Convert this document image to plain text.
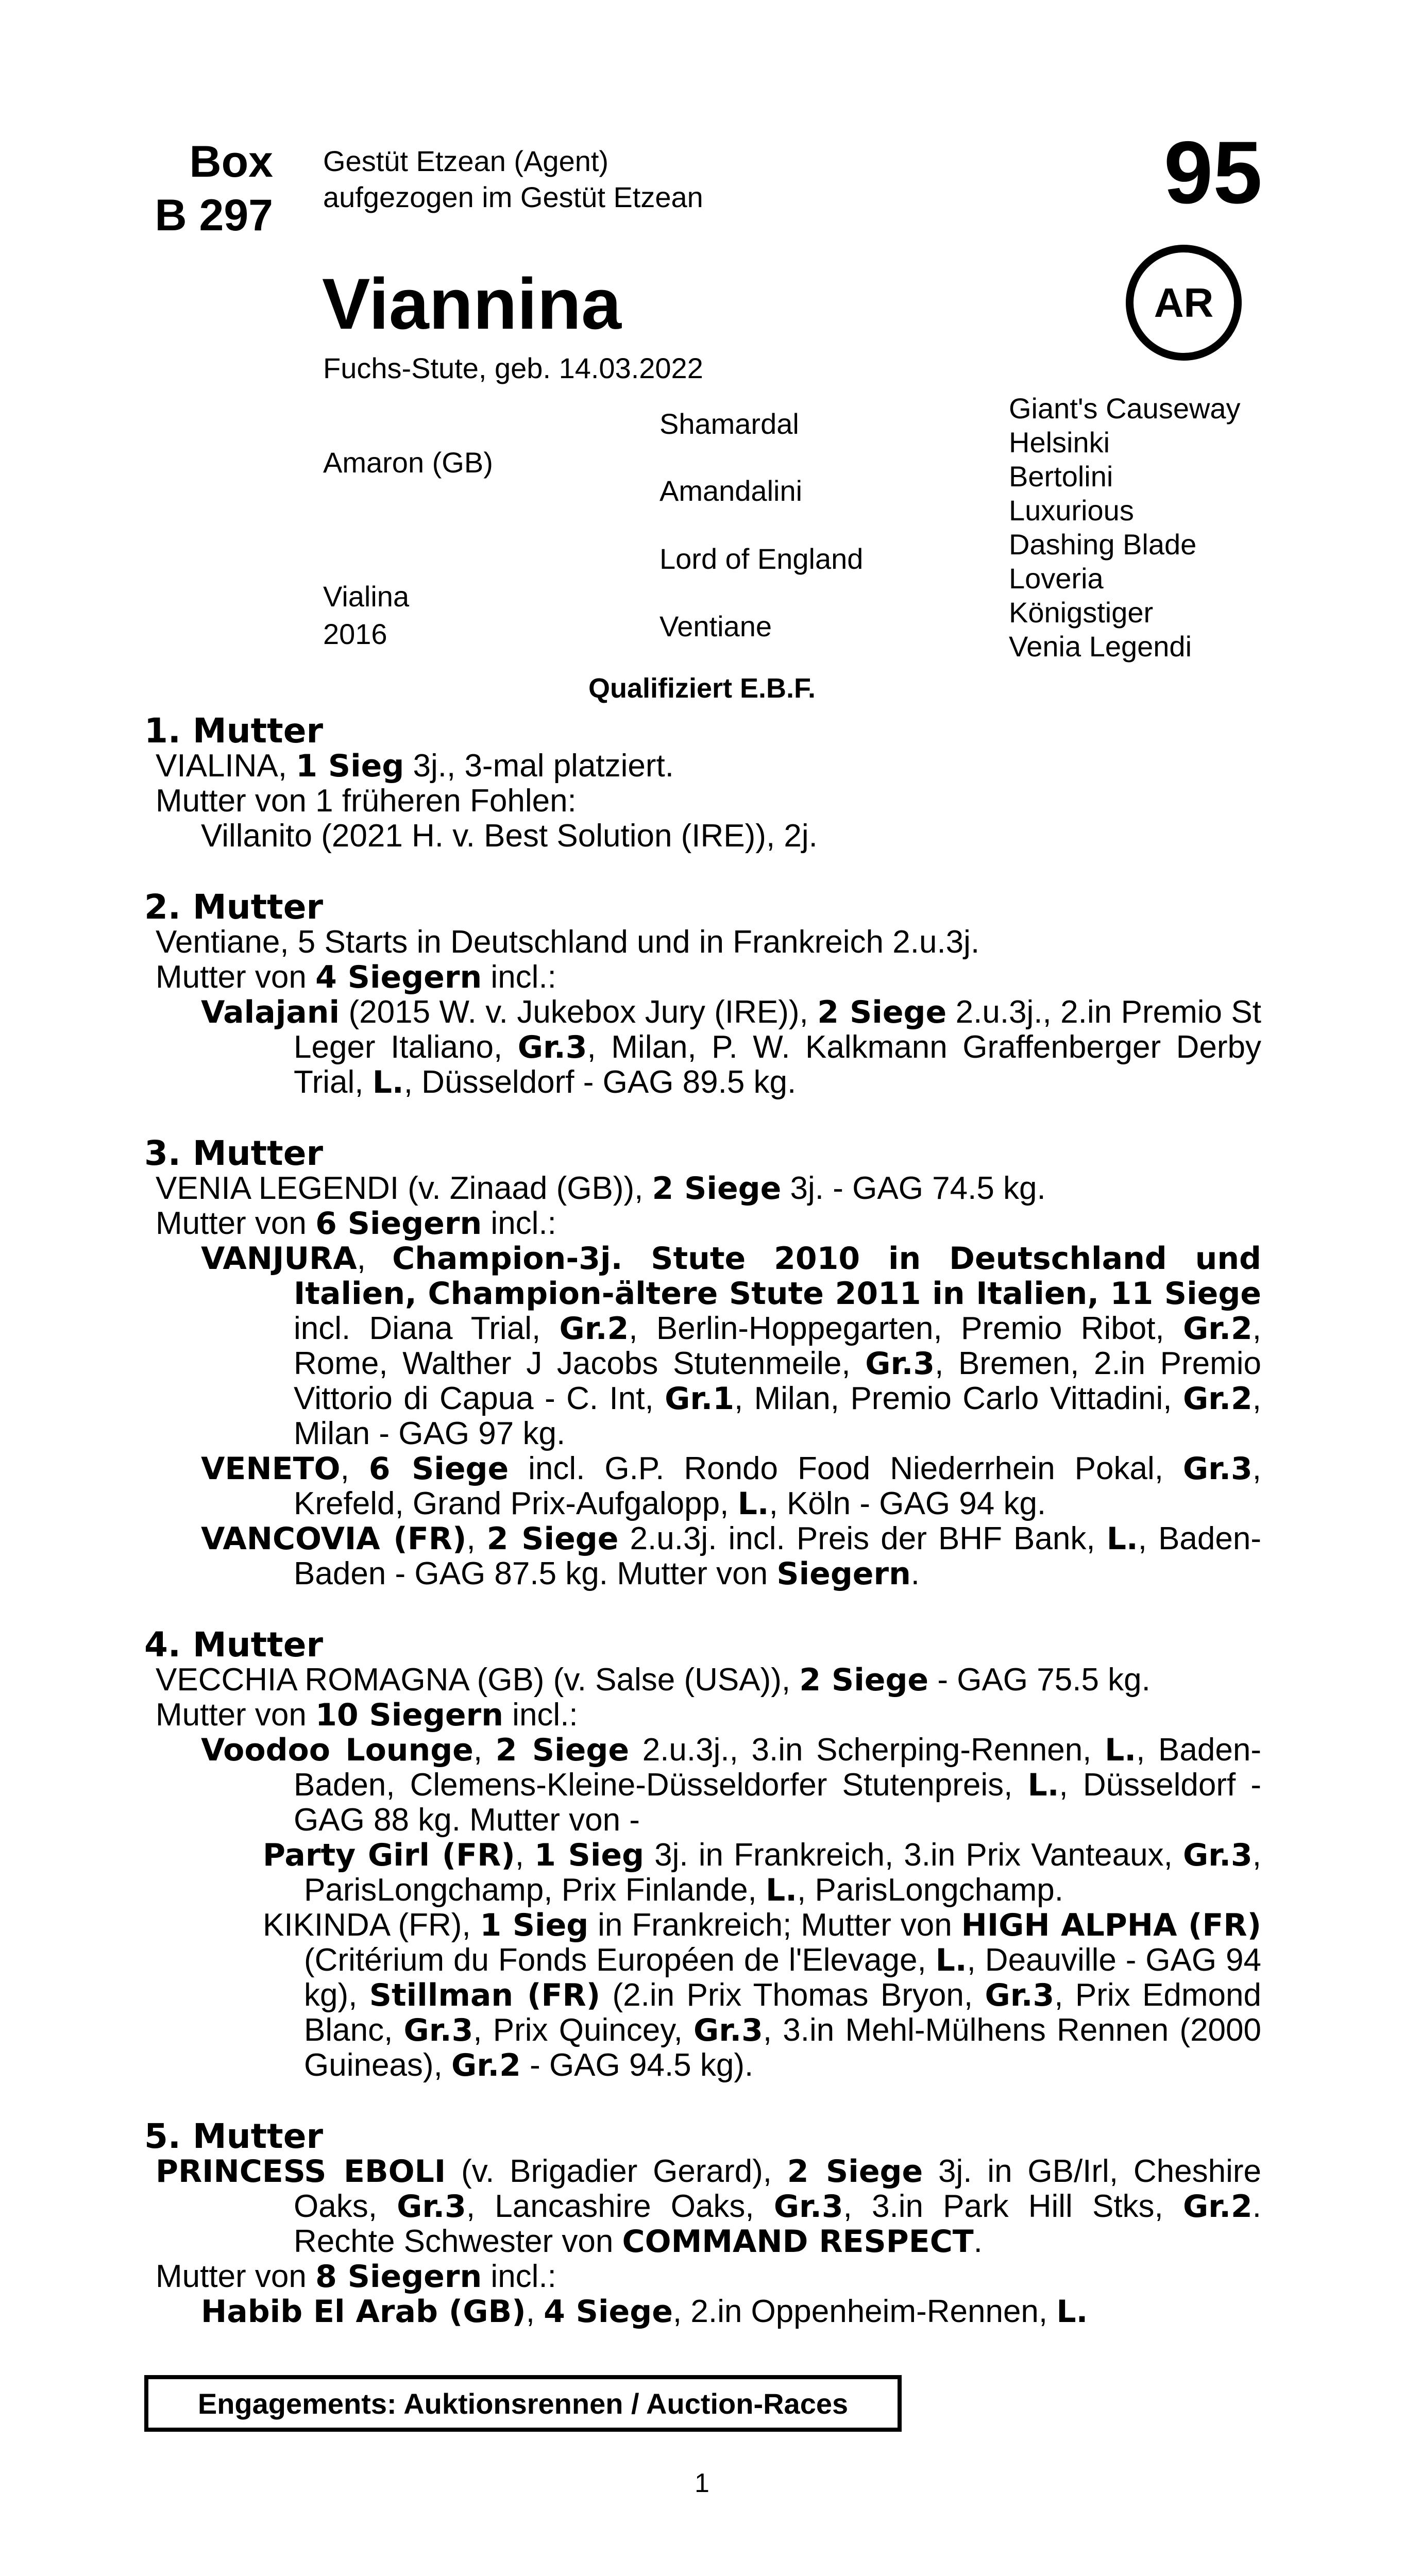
Box
B 297
Gestüt Etzean (Agent)
aufgezogen im Gestüt Etzean	95
Viannina	AR
Fuchs-Stute, geb. 14.03.2022
Amaron (GB)
Vialina
2016
Shamardal
Amandalini
Lord of England
Ventiane
Giant's Causeway
Helsinki
Bertolini
Luxurious
Dashing Blade
Loveria
Königstiger
Venia Legendi
Qualifiziert E.B.F.
1. Mutter
VIALINA, 1 Sieg 3j., 3-mal platziert.
Mutter von 1 früheren Fohlen:
Villanito (2021 H. v. Best Solution (IRE)), 2j.
2. Mutter
Ventiane, 5 Starts in Deutschland und in Frankreich 2.u.3j.
Mutter von 4 Siegern incl.:
Valajani (2015 W. v. Jukebox Jury (IRE)), 2 Siege 2.u.3j., 2.in Premio St Leger Italiano, Gr.3, Milan, P. W. Kalkmann Graffenberger Derby Trial, L., Düsseldorf - GAG 89.5 kg.
3. Mutter
VENIA LEGENDI (v. Zinaad (GB)), 2 Siege 3j. - GAG 74.5 kg.
Mutter von 6 Siegern incl.:
VANJURA, Champion-3j. Stute 2010 in Deutschland und Italien, Champion-ältere Stute 2011 in Italien, 11 Siege incl. Diana Trial, Gr.2, Berlin-Hoppegarten, Premio Ribot, Gr.2, Rome, Walther J Jacobs Stutenmeile, Gr.3, Bremen, 2.in Premio Vittorio di Capua - C. Int, Gr.1, Milan, Premio Carlo Vittadini, Gr.2, Milan - GAG 97 kg.
VENETO, 6 Siege incl. G.P. Rondo Food Niederrhein Pokal, Gr.3, Krefeld, Grand Prix-Aufgalopp, L., Köln - GAG 94 kg.
VANCOVIA (FR), 2 Siege 2.u.3j. incl. Preis der BHF Bank, L., Baden-Baden - GAG 87.5 kg. Mutter von Siegern.
4. Mutter
VECCHIA ROMAGNA (GB) (v. Salse (USA)), 2 Siege - GAG 75.5 kg.
Mutter von 10 Siegern incl.:
Voodoo Lounge, 2 Siege 2.u.3j., 3.in Scherping-Rennen, L., Baden-Baden, Clemens-Kleine-Düsseldorfer Stutenpreis, L., Düsseldorf - GAG 88 kg. Mutter von -
Party Girl (FR), 1 Sieg 3j. in Frankreich, 3.in Prix Vanteaux, Gr.3, ParisLongchamp, Prix Finlande, L., ParisLongchamp.
KIKINDA (FR), 1 Sieg in Frankreich; Mutter von HIGH ALPHA (FR) (Critérium du Fonds Européen de l'Elevage, L., Deauville - GAG 94 kg), Stillman (FR) (2.in Prix Thomas Bryon, Gr.3, Prix Edmond Blanc, Gr.3, Prix Quincey, Gr.3, 3.in Mehl-Mülhens Rennen (2000 Guineas), Gr.2 - GAG 94.5 kg).
5. Mutter
PRINCESS EBOLI (v. Brigadier Gerard), 2 Siege 3j. in GB/Irl, Cheshire Oaks, Gr.3, Lancashire Oaks, Gr.3, 3.in Park Hill Stks, Gr.2. Rechte Schwester von COMMAND RESPECT.
Mutter von 8 Siegern incl.:
Habib El Arab (GB), 4 Siege, 2.in Oppenheim-Rennen, L.
Engagements: Auktionsrennen / Auction-Races
1
